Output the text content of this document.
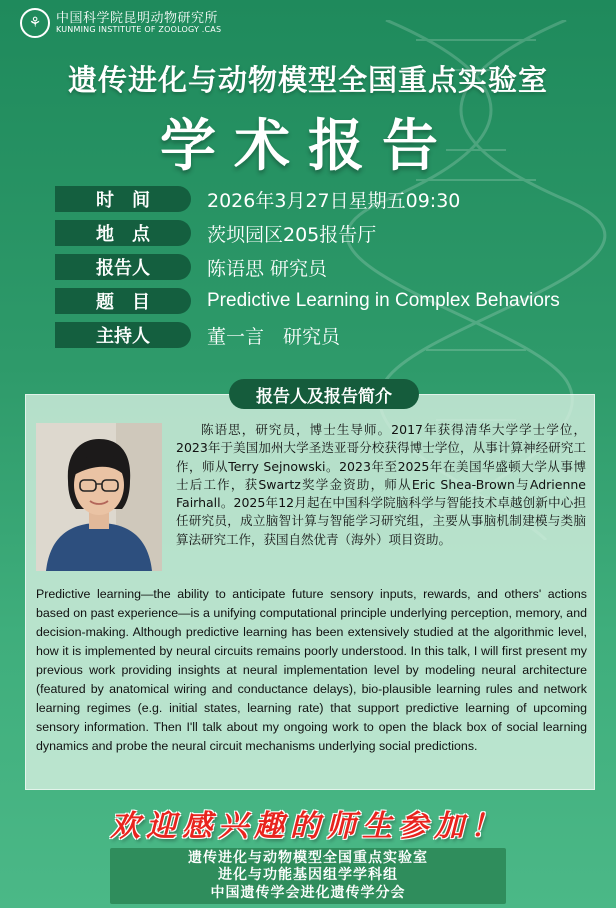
⚘	中国科学院昆明动物研究所
KUNMING INSTITUTE OF ZOOLOGY .CAS
遗传进化与动物模型全国重点实验室
学术报告
时　间	2026年3月27日星期五09:30
地　点	茨坝园区205报告厅
报告人	陈语思 研究员
题　目	Predictive Learning in Complex Behaviors
主持人	董一言　研究员
报告人及报告简介
陈语思，研究员，博士生导师。2017年获得清华大学学士学位，2023年于美国加州大学圣迭亚哥分校获得博士学位，从事计算神经研究工作，师从Terry Sejnowski。2023年至2025年在美国华盛顿大学从事博士后工作，获Swartz奖学金资助，师从Eric Shea-Brown与Adrienne Fairhall。2025年12月起在中国科学院脑科学与智能技术卓越创新中心担任研究员，成立脑智计算与智能学习研究组，主要从事脑机制建模与类脑算法研究工作，获国自然优青（海外）项目资助。
Predictive learning—the ability to anticipate future sensory inputs, rewards, and others' actions based on past experience—is a unifying computational principle underlying perception, memory, and decision-making. Although predictive learning has been extensively studied at the algorithmic level, how it is implemented by neural circuits remains poorly understood. In this talk, I will first present my previous work providing insights at neural implementation level by modeling neural architecture (featured by anatomical wiring and conductance delays), bio-plausible learning rules and network learning regimes (e.g. initial states, learning rate) that support predictive learning of upcoming sensory information. Then I'll talk about my ongoing work to open the black box of social learning dynamics and probe the neural circuit mechanisms underlying social predictions.
欢迎感兴趣的师生参加！
遗传进化与动物模型全国重点实验室
进化与功能基因组学学科组
中国遗传学会进化遗传学分会
